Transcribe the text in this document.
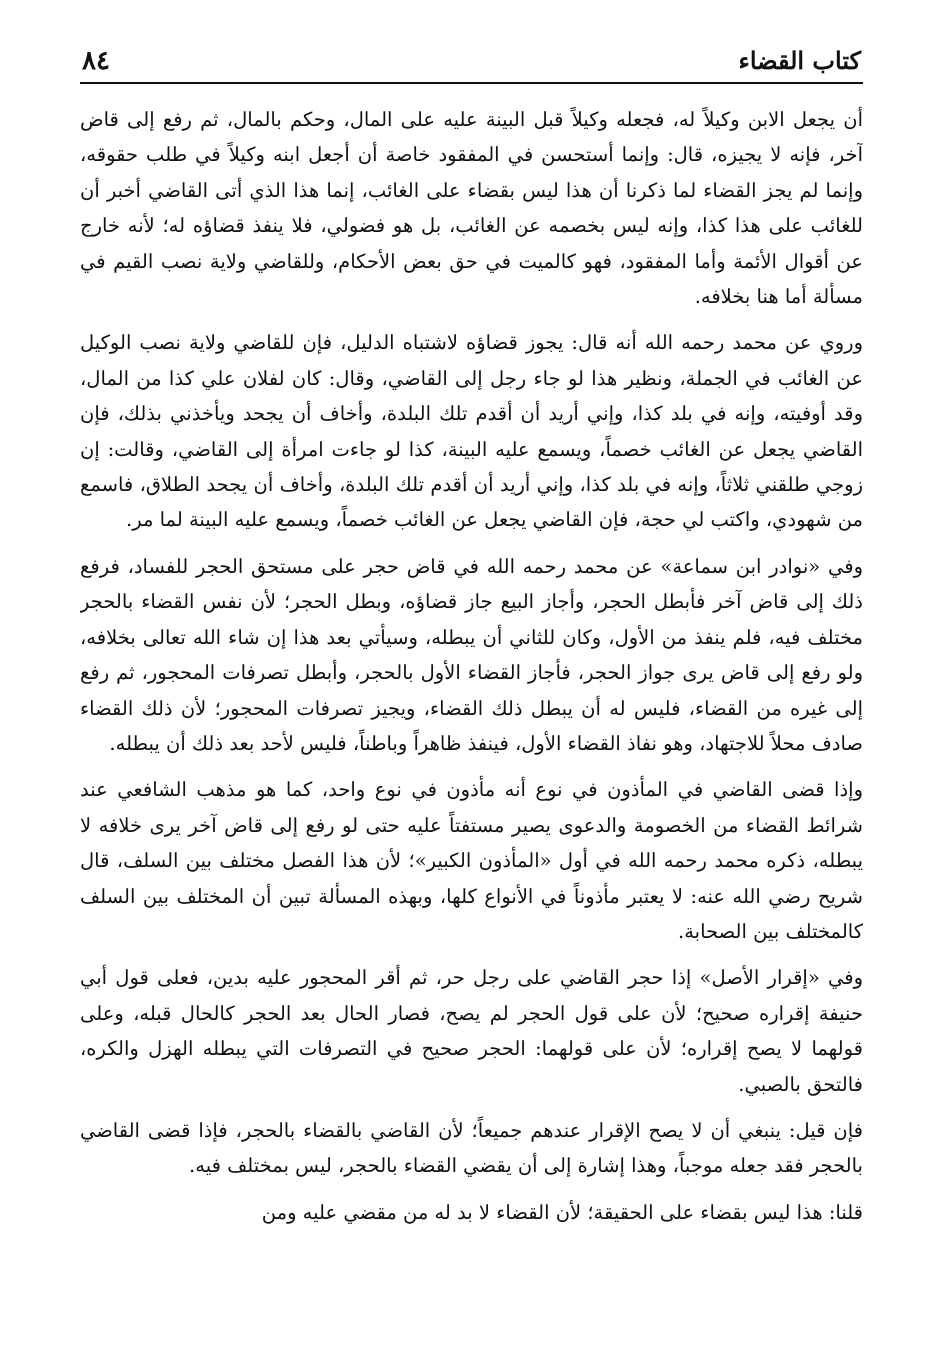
كتاب القضاء
٨٤

أن يجعل الابن وكيلاً له، فجعله وكيلاً قبل البينة عليه على المال، وحكم بالمال، ثم رفع إلى قاض آخر، فإنه لا يجيزه، قال: وإنما أستحسن في المفقود خاصة أن أجعل ابنه وكيلاً في طلب حقوقه، وإنما لم يجز القضاء لما ذكرنا أن هذا ليس بقضاء على الغائب، إنما هذا الذي أتى القاضي أخبر أن للغائب على هذا كذا، وإنه ليس بخصمه عن الغائب، بل هو فضولي، فلا ينفذ قضاؤه له؛ لأنه خارج عن أقوال الأئمة وأما المفقود، فهو كالميت في حق بعض الأحكام، وللقاضي ولاية نصب القيم في مسألة أما هنا بخلافه.

وروي عن محمد رحمه الله أنه قال: يجوز قضاؤه لاشتباه الدليل، فإن للقاضي ولاية نصب الوكيل عن الغائب في الجملة، ونظير هذا لو جاء رجل إلى القاضي، وقال: كان لفلان علي كذا من المال، وقد أوفيته، وإنه في بلد كذا، وإني أريد أن أقدم تلك البلدة، وأخاف أن يجحد ويأخذني بذلك، فإن القاضي يجعل عن الغائب خصماً، ويسمع عليه البينة، كذا لو جاءت امرأة إلى القاضي، وقالت: إن زوجي طلقني ثلاثاً، وإنه في بلد كذا، وإني أريد أن أقدم تلك البلدة، وأخاف أن يجحد الطلاق، فاسمع من شهودي، واكتب لي حجة، فإن القاضي يجعل عن الغائب خصماً، ويسمع عليه البينة لما مر.

وفي «نوادر ابن سماعة» عن محمد رحمه الله في قاض حجر على مستحق الحجر للفساد، فرفع ذلك إلى قاض آخر فأبطل الحجر، وأجاز البيع جاز قضاؤه، وبطل الحجر؛ لأن نفس القضاء بالحجر مختلف فيه، فلم ينفذ من الأول، وكان للثاني أن يبطله، وسيأتي بعد هذا إن شاء الله تعالى بخلافه، ولو رفع إلى قاض يرى جواز الحجر، فأجاز القضاء الأول بالحجر، وأبطل تصرفات المحجور، ثم رفع إلى غيره من القضاء، فليس له أن يبطل ذلك القضاء، ويجيز تصرفات المحجور؛ لأن ذلك القضاء صادف محلاً للاجتهاد، وهو نفاذ القضاء الأول، فينفذ ظاهراً وباطناً، فليس لأحد بعد ذلك أن يبطله.

وإذا قضى القاضي في المأذون في نوع أنه مأذون في نوع واحد، كما هو مذهب الشافعي عند شرائط القضاء من الخصومة والدعوى يصير مستفتاً عليه حتى لو رفع إلى قاض آخر يرى خلافه لا يبطله، ذكره محمد رحمه الله في أول «المأذون الكبير»؛ لأن هذا الفصل مختلف بين السلف، قال شريح رضي الله عنه: لا يعتبر مأذوناً في الأنواع كلها، وبهذه المسألة تبين أن المختلف بين السلف كالمختلف بين الصحابة.

وفي «إقرار الأصل» إذا حجر القاضي على رجل حر، ثم أقر المحجور عليه بدين، فعلى قول أبي حنيفة إقراره صحيح؛ لأن على قول الحجر لم يصح، فصار الحال بعد الحجر كالحال قبله، وعلى قولهما لا يصح إقراره؛ لأن على قولهما: الحجر صحيح في التصرفات التي يبطله الهزل والكره، فالتحق بالصبي.

فإن قيل: ينبغي أن لا يصح الإقرار عندهم جميعاً؛ لأن القاضي بالقضاء بالحجر، فإذا قضى القاضي بالحجر فقد جعله موجباً، وهذا إشارة إلى أن يقضي القضاء بالحجر، ليس بمختلف فيه.

قلنا: هذا ليس بقضاء على الحقيقة؛ لأن القضاء لا بد له من مقضي عليه ومن
